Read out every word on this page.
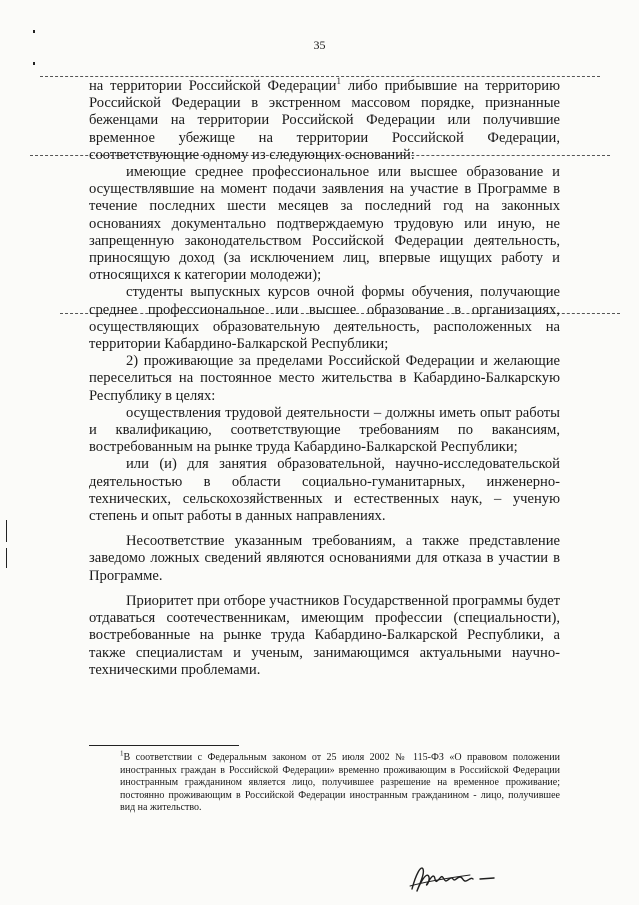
35

на территории Российской Федерации$^1$ либо прибывшие на территорию Российской Федерации в экстренном массовом порядке, признанные беженцами на территории Российской Федерации или получившие временное убежище на территории Российской Федерации, соответствующие одному из следующих оснований:

имеющие среднее профессиональное или высшее образование и осуществлявшие на момент подачи заявления на участие в Программе в течение последних шести месяцев за последний год на законных основаниях документально подтверждаемую трудовую или иную, не запрещенную законодательством Российской Федерации деятельность, приносящую доход (за исключением лиц, впервые ищущих работу и относящихся к категории молодежи);

студенты выпускных курсов очной формы обучения, получающие среднее профессиональное или высшее образование в организациях, осуществляющих образовательную деятельность, расположенных на территории Кабардино-Балкарской Республики;

2) проживающие за пределами Российской Федерации и желающие переселиться на постоянное место жительства в Кабардино-Балкарскую Республику в целях:

осуществления трудовой деятельности – должны иметь опыт работы и квалификацию, соответствующие требованиям по вакансиям, востребованным на рынке труда Кабардино-Балкарской Республики;

или (и) для занятия образовательной, научно-исследовательской деятельностью в области социально-гуманитарных, инженерно-технических, сельскохозяйственных и естественных наук, – ученую степень и опыт работы в данных направлениях.

Несоответствие указанным требованиям, а также представление заведомо ложных сведений являются основаниями для отказа в участии в Программе.

Приоритет при отборе участников Государственной программы будет отдаваться соотечественникам, имеющим профессии (специальности), востребованные на рынке труда Кабардино-Балкарской Республики, а также специалистам и ученым, занимающимся актуальными научно-техническими проблемами.

$^1$В соответствии с Федеральным законом от 25 июля 2002 № 115-ФЗ «О правовом положении иностранных граждан в Российской Федерации» временно проживающим в Российской Федерации иностранным гражданином является лицо, получившее разрешение на временное проживание; постоянно проживающим в Российской Федерации иностранным гражданином - лицо, получившее вид на жительство.
